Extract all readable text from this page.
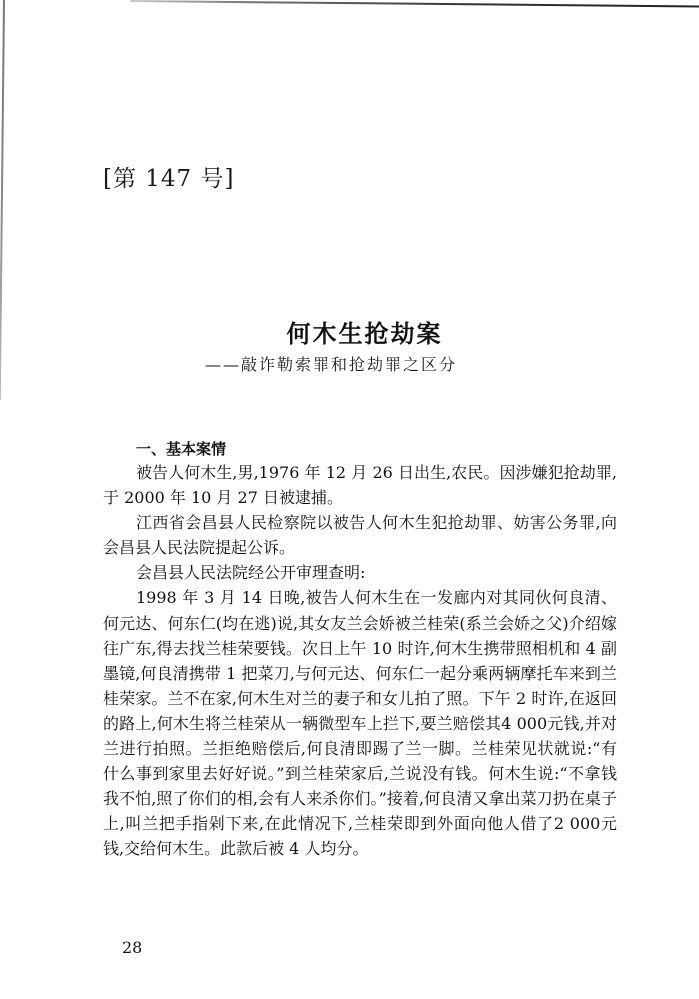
[第 147 号]
何木生抢劫案
——敲诈勒索罪和抢劫罪之区分
一、基本案情

被告人何木生,男,1976 年 12 月 26 日出生,农民。因涉嫌犯抢劫罪,于 2000 年 10 月 27 日被逮捕。

江西省会昌县人民检察院以被告人何木生犯抢劫罪、妨害公务罪,向会昌县人民法院提起公诉。

会昌县人民法院经公开审理查明:

1998 年 3 月 14 日晚,被告人何木生在一发廊内对其同伙何良清、何元达、何东仁(均在逃)说,其女友兰会娇被兰桂荣(系兰会娇之父)介绍嫁往广东,得去找兰桂荣要钱。次日上午 10 时许,何木生携带照相机和 4 副墨镜,何良清携带 1 把菜刀,与何元达、何东仁一起分乘两辆摩托车来到兰桂荣家。兰不在家,何木生对兰的妻子和女儿拍了照。下午 2 时许,在返回的路上,何木生将兰桂荣从一辆微型车上拦下,要兰赔偿其4 000元钱,并对兰进行拍照。兰拒绝赔偿后,何良清即踢了兰一脚。兰桂荣见状就说:“有什么事到家里去好好说。”到兰桂荣家后,兰说没有钱。何木生说:“不拿钱我不怕,照了你们的相,会有人来杀你们。”接着,何良清又拿出菜刀扔在桌子上,叫兰把手指剁下来,在此情况下,兰桂荣即到外面向他人借了2 000元钱,交给何木生。此款后被 4 人均分。

28
